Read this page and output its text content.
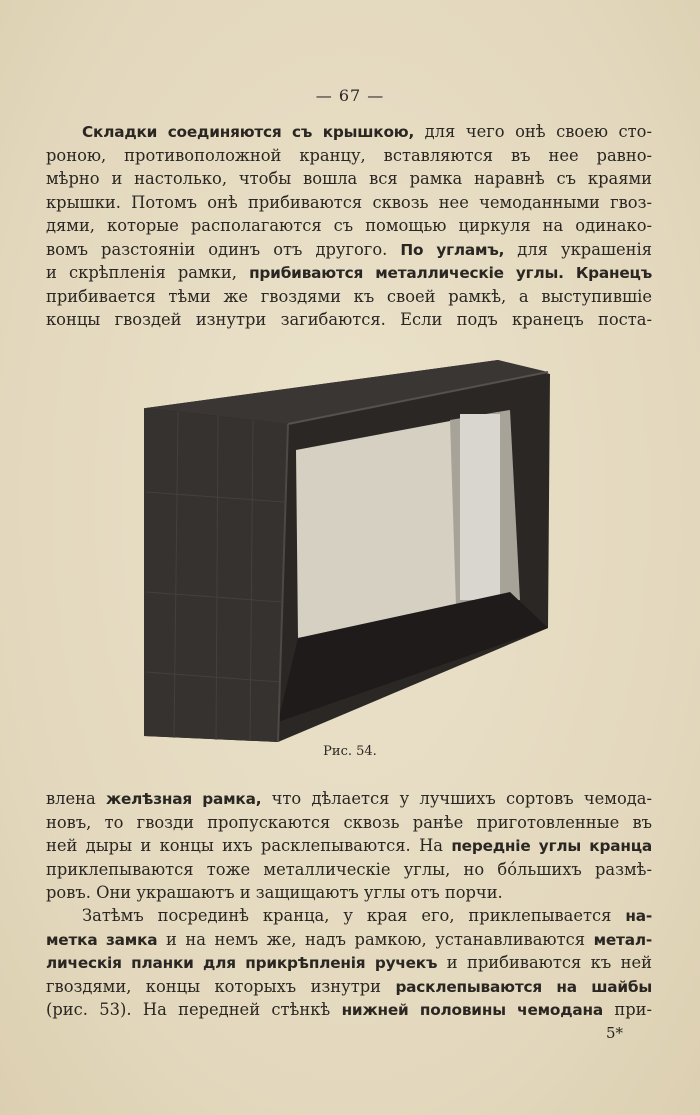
— 67 —
Складки соединяются съ крышкою, для чего онѣ своею сто-
роною, противоположной кранцу, вставляются въ нее равно-
мѣрно и настолько, чтобы вошла вся рамка наравнѣ съ краями
крышки. Потомъ онѣ прибиваются сквозь нее чемоданными гвоз-
дями, которые располагаются съ помощью циркуля на одинако-
вомъ разстояніи одинъ отъ другого. По угламъ, для украшенія
и скрѣпленія рамки, прибиваются металлическіе углы. Кранецъ
прибивается тѣми же гвоздями къ своей рамкѣ, а выступившіе
концы гвоздей изнутри загибаются. Если подъ кранецъ поста-
Рис. 54.
влена желѣзная рамка, что дѣлается у лучшихъ сортовъ чемода-
новъ, то гвозди пропускаются сквозь ранѣе приготовленные въ
ней дыры и концы ихъ расклепываются. На передніе углы кранца
приклепываются тоже металлическіе углы, но бóльшихъ размѣ-
ровъ. Они украшаютъ и защищаютъ углы отъ порчи.
Затѣмъ посрединѣ кранца, у края его, приклепывается на-
метка замка и на немъ же, надъ рамкою, устанавливаются метал-
лическія планки для прикрѣпленія ручекъ и прибиваются къ ней
гвоздями, концы которыхъ изнутри расклепываются на шайбы
(рис. 53). На передней стѣнкѣ нижней половины чемодана при-
5*
